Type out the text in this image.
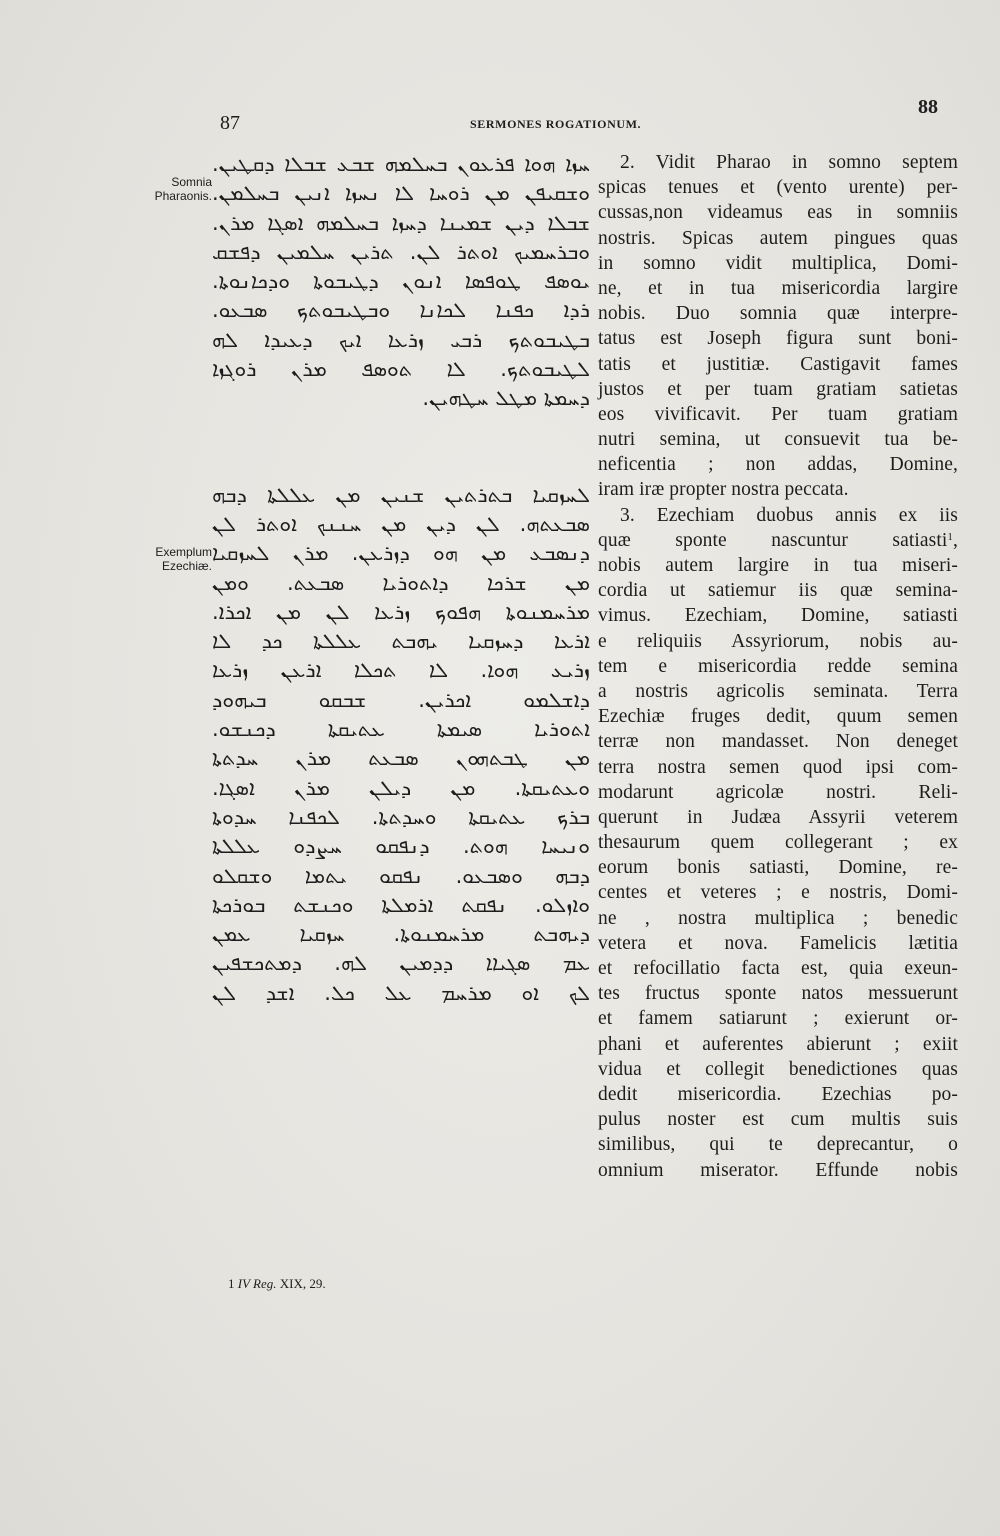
87	SERMONES ROGATIONUM.
88
Somnia
Pharaonis.
Exemplum
Ezechiæ.
ܚܙܐ ܗܘܐ ܦܪܥܘܢ ܒܚܠܡܗ ܫܒܥ ܫܒܠܐ ܕܩܛܝܢ.
ܘܫܩܝܦܢ ܡܢ ܪܘܚܐ ܠܐ ܢܚܙܐ ܐܢܝܢ ܒܚܠܡܢ.
ܫܒܠܐ ܕܝܢ ܫܡܝܢܐ ܕܚܙܐ ܒܚܠܡܗ ܐܣܓܐ ܡܪܢ.
ܘܒܪܚܡܝܟ ܐܘܬܪ ܠܢ. ܬܪܝܢ ܚܠܡܝܢ ܕܦܫܩ
ܝܘܣܦ ܛܘܦܣܐ ܐܢܘܢ ܕܛܝܒܘܬܐ ܘܕܟܐܢܘܬܐ.
ܪܕܐ ܟܦܢܐ ܠܟܐܢܐ ܘܒܛܝܒܘܬܟ ܣܒܥܘ.
ܒܛܝܒܘܬܟ ܪܒܝ ܙܪܥܐ ܐܝܟ ܕܥܝܕܐ ܠܗ
ܠܛܝܒܘܬܟ. ܠܐ ܬܘܣܦ ܡܪܢ ܪܘܓܙܐ
ܕܚܡܬܐ ܡܛܠ ܚܛܗܝܢ.
ܠܚܙܩܝܐ ܒܬܪܬܝܢ ܫܢܝܢ ܡܢ ܥܠܠܬܐ ܕܒܗ
ܣܒܥܬܗ. ܠܢ ܕܝܢ ܡܢ ܚܢܢܟ ܐܘܬܪ ܠܢ
ܕܢܣܒܥ ܡܢ ܗܘ ܕܙܪܥܢ. ܡܪܢ ܠܚܙܩܝܐ
ܡܢ ܫܪܟܐ ܕܐܬܘܪܝܐ ܣܒܥܬ. ܘܡܢ
ܡܪܚܡܢܘܬܐ ܗܦܘܟ ܙܪܥܐ ܠܢ ܡܢ ܐܟܪܐ.
ܐܪܥܐ ܕܚܙܩܝܐ ܝܗܒܬ ܥܠܠܬܐ ܟܕ ܠܐ
ܙܪܝܥ ܗܘܐ. ܠܐ ܬܟܠܐ ܐܪܥܢ ܙܪܥܐ
ܕܐܫܠܡܘ ܐܟܪܝܢ. ܫܒܩܘ ܒܝܗܘܕ
ܐܬܘܪܝܐ ܣܝܡܬܐ ܥܬܝܩܬܐ ܕܟܢܫܘ.
ܡܢ ܛܒܬܗܘܢ ܣܒܥܬ ܡܪܢ ܚܕܬܬܐ
ܘܥܬܝܩܬܐ. ܡܢ ܕܝܠܢ ܡܪܢ ܐܣܓܐ.
ܒܪܟ ܥܬܝܩܬܐ ܘܚܕܬܬܐ. ܠܟܦܢܐ ܚܕܘܬܐ
ܘܢܝܚܐ ܗܘܬ. ܕܢܦܩܘ ܚܨܕܘ ܥܠܠܬܐ
ܕܒܗ ܘܣܒܥܘ. ܢܦܩܘ ܝܬܡܐ ܘܫܩܠܘ
ܘܐܙܠܘ. ܢܦܩܬ ܐܪܡܠܬܐ ܘܟܢܫܬ ܒܘܪܟܬܐ
ܕܝܗܒܬ ܡܪܚܡܢܘܬܐ. ܚܙܩܝܐ ܥܡܢ
ܥܡ ܣܓܝܐܐ ܕܕܡܝܢ ܠܗ. ܕܡܬܟܫܦܝܢ
ܠܟ ܐܘ ܡܪܚܡ ܥܠ ܟܠ. ܐܫܕ ܠܢ
2. Vidit Pharao in somno septem
spicas tenues et (vento urente) per-
cussas,non videamus eas in somniis
nostris. Spicas autem pingues quas
in somno vidit multiplica, Domi-
ne, et in tua misericordia largire
nobis. Duo somnia quæ interpre-
tatus est Joseph figura sunt boni-
tatis et justitiæ. Castigavit fames
justos et per tuam gratiam satietas
eos vivificavit. Per tuam gratiam
nutri semina, ut consuevit tua be-
neficentia ; non addas, Domine,
iram iræ propter nostra peccata.
3. Ezechiam duobus annis ex iis
quæ sponte nascuntur satiasti$^1$,
nobis autem largire in tua miseri-
cordia ut satiemur iis quæ semina-
vimus. Ezechiam, Domine, satiasti
e reliquiis Assyriorum, nobis au-
tem e misericordia redde semina
a nostris agricolis seminata. Terra
Ezechiæ fruges dedit, quum semen
terræ non mandasset. Non deneget
terra nostra semen quod ipsi com-
modarunt agricolæ nostri. Reli-
querunt in Judæa Assyrii veterem
thesaurum quem collegerant ; ex
eorum bonis satiasti, Domine, re-
centes et veteres ; e nostris, Domi-
ne , nostra multiplica ; benedic
vetera et nova. Famelicis lætitia
et refocillatio facta est, quia exeun-
tes fructus sponte natos messuerunt
et famem satiarunt ; exierunt or-
phani et auferentes abierunt ; exiit
vidua et collegit benedictiones quas
dedit misericordia. Ezechias po-
pulus noster est cum multis suis
similibus, qui te deprecantur, o
omnium miserator. Effunde nobis
1 IV Reg. XIX, 29.
